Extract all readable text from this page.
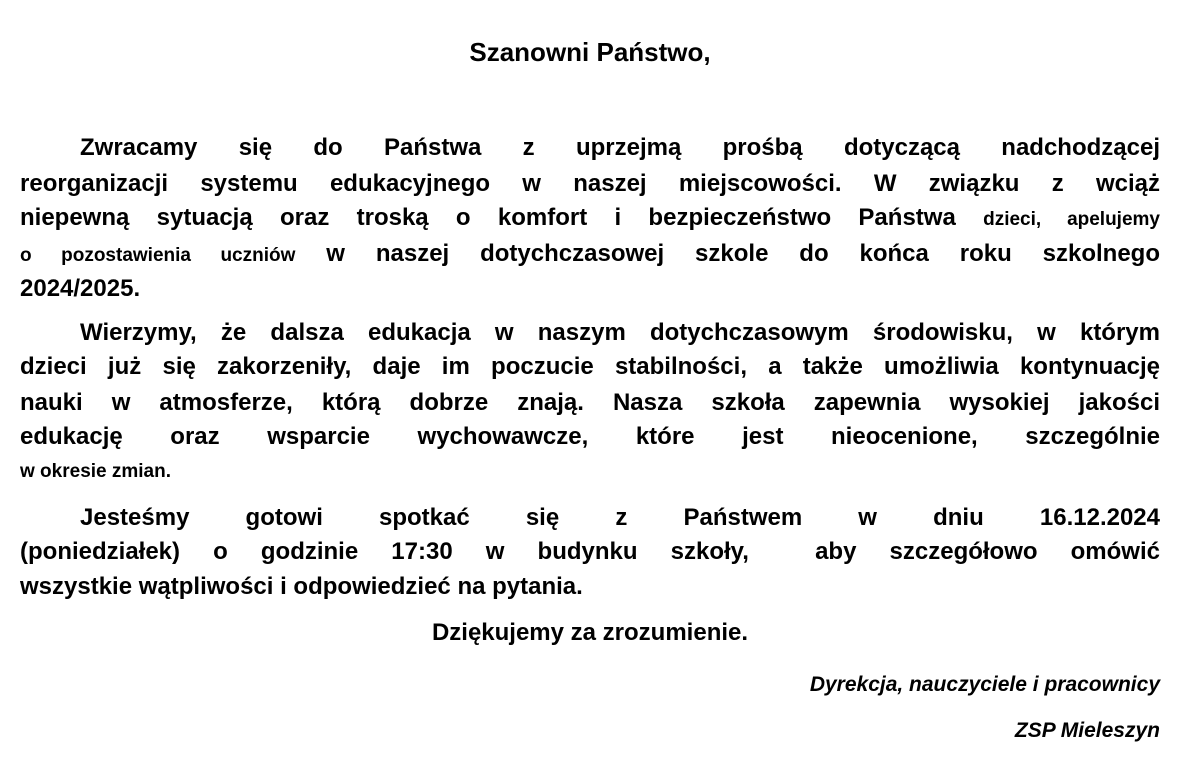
Szanowni Państwo,
Zwracamy się do Państwa z uprzejmą prośbą dotyczącą nadchodzącej
reorganizacji systemu edukacyjnego w naszej miejscowości. W związku z wciąż
niepewną sytuacją oraz troską o komfort i bezpieczeństwo Państwa dzieci, apelujemy
o pozostawienia uczniów w naszej dotychczasowej szkole do końca roku szkolnego
2024/2025.
Wierzymy, że dalsza edukacja w naszym dotychczasowym środowisku, w którym
dzieci już się zakorzeniły, daje im poczucie stabilności, a także umożliwia kontynuację
nauki w atmosferze, którą dobrze znają. Nasza szkoła zapewnia wysokiej jakości
edukację oraz wsparcie wychowawcze, które jest nieocenione, szczególnie
w okresie zmian.
Jesteśmy gotowi spotkać się z Państwem w dniu 16.12.2024
(poniedziałek) o godzinie 17:30 w budynku szkoły,  aby szczegółowo omówić
wszystkie wątpliwości i odpowiedzieć na pytania.
Dziękujemy za zrozumienie.
Dyrekcja, nauczyciele i pracownicy
ZSP Mieleszyn
